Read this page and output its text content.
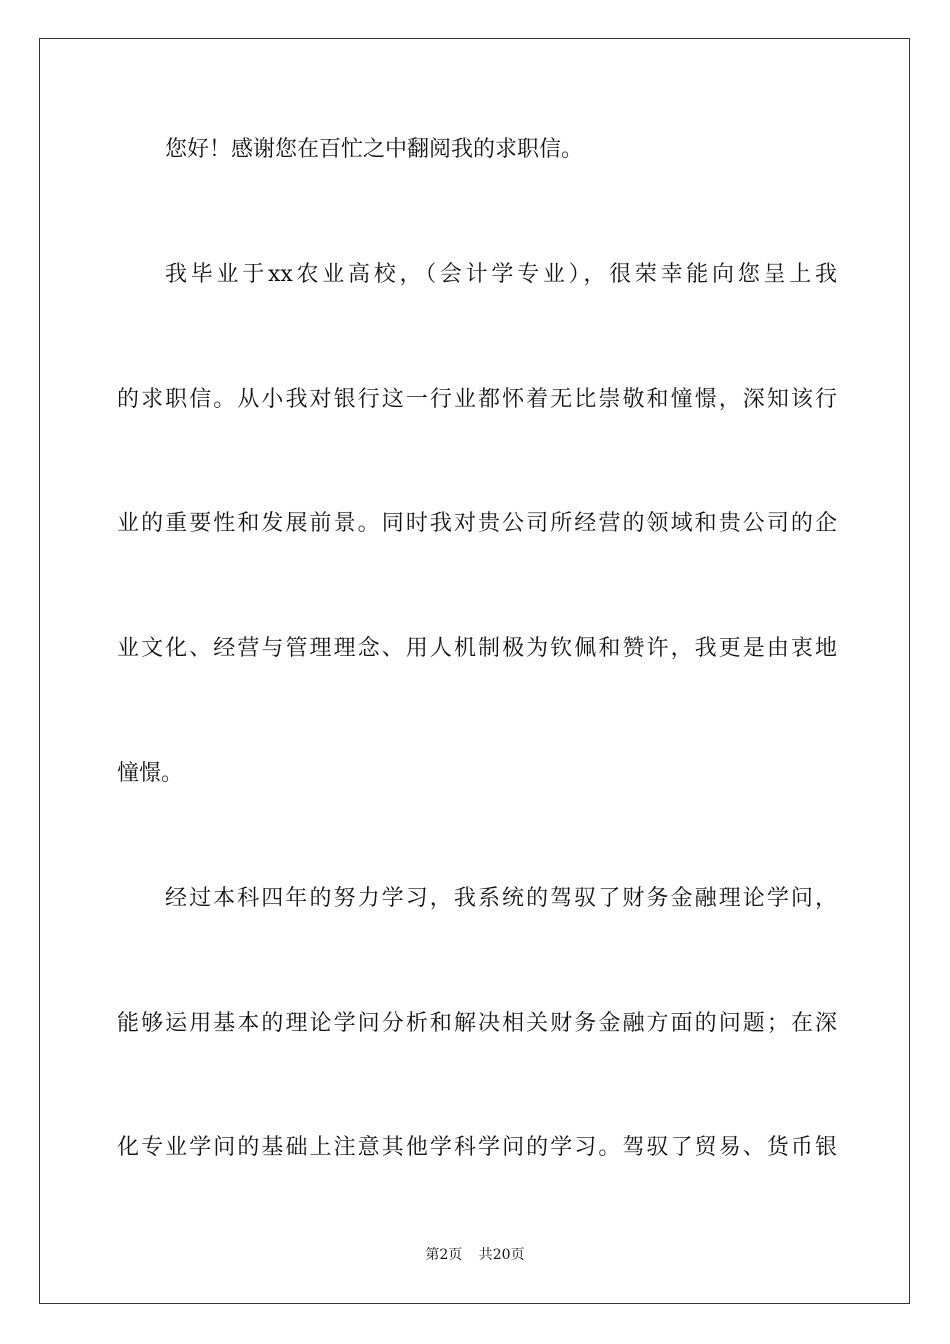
您好！感谢您在百忙之中翻阅我的求职信。
我毕业于xx农业高校，（会计学专业），很荣幸能向您呈上我
的求职信。从小我对银行这一行业都怀着无比崇敬和憧憬，深知该行
业的重要性和发展前景。同时我对贵公司所经营的领域和贵公司的企
业文化、经营与管理理念、用人机制极为钦佩和赞许，我更是由衷地
憧憬。
经过本科四年的努力学习，我系统的驾驭了财务金融理论学问，
能够运用基本的理论学问分析和解决相关财务金融方面的问题；在深
化专业学问的基础上注意其他学科学问的学习。驾驭了贸易、货币银
第2页 共20页
